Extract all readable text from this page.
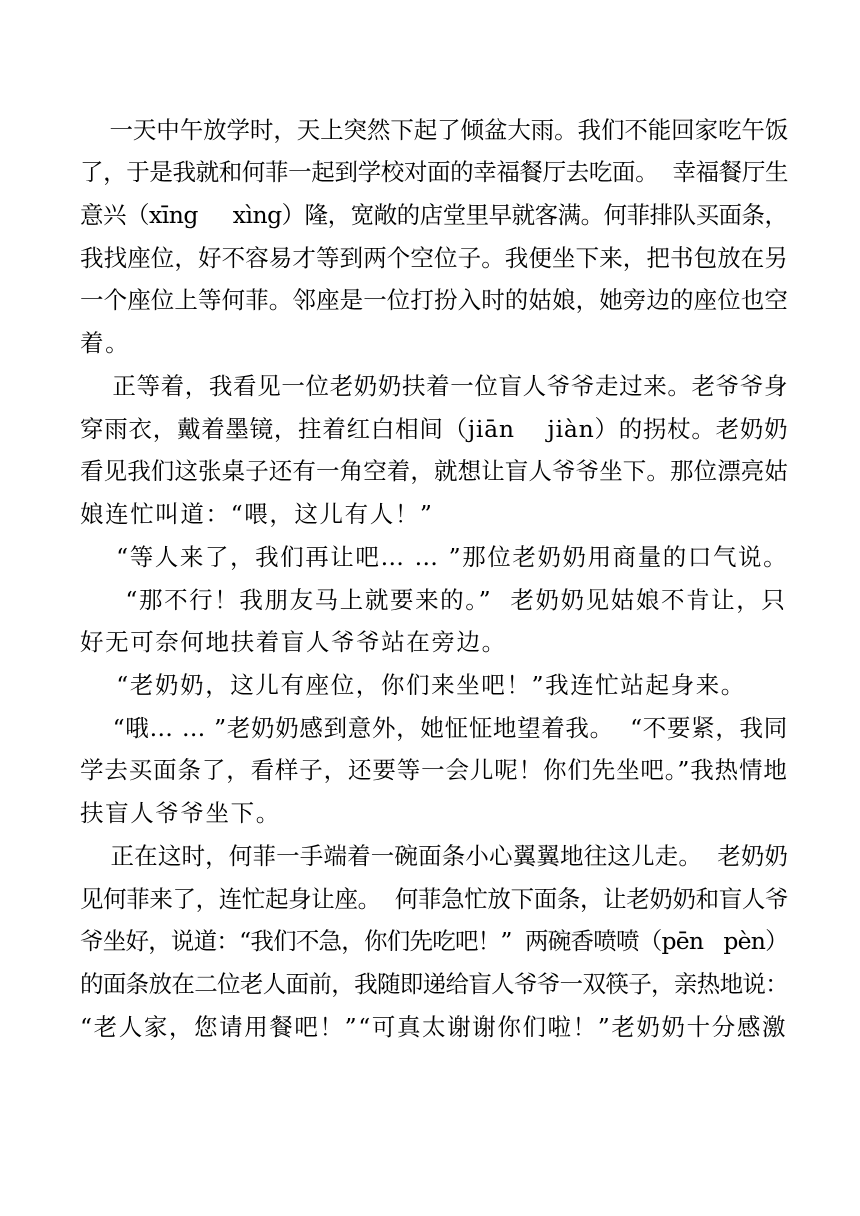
一天中午放学时，天上突然下起了倾盆大雨。我们不能回家吃午饭
了，于是我就和何菲一起到学校对面的幸福餐厅去吃面。  幸福餐厅生
意兴（xīng     xìng）隆，宽敞的店堂里早就客满。何菲排队买面条，
我找座位，好不容易才等到两个空位子。我便坐下来，把书包放在另
一个座位上等何菲。邻座是一位打扮入时的姑娘，她旁边的座位也空
着。
正等着，我看见一位老奶奶扶着一位盲人爷爷走过来。老爷爷身
穿雨衣，戴着墨镜，拄着红白相间（jiān    jiàn）的拐杖。老奶奶
看见我们这张桌子还有一角空着，就想让盲人爷爷坐下。那位漂亮姑
娘连忙叫道：“喂，这儿有人！”
“等人来了，我们再让吧… … ”那位老奶奶用商量的口气说。
“那不行！我朋友马上就要来的。”  老奶奶见姑娘不肯让，只
好无可奈何地扶着盲人爷爷站在旁边。
“老奶奶，这儿有座位，你们来坐吧！”我连忙站起身来。
“哦… … ”老奶奶感到意外，她怔怔地望着我。  “不要紧，我同
学去买面条了，看样子，还要等一会儿呢！你们先坐吧。”我热情地
扶盲人爷爷坐下。
正在这时，何菲一手端着一碗面条小心翼翼地往这儿走。  老奶奶
见何菲来了，连忙起身让座。  何菲急忙放下面条，让老奶奶和盲人爷
爷坐好，说道：“我们不急，你们先吃吧！”  两碗香喷喷（pēn   pèn）
的面条放在二位老人面前，我随即递给盲人爷爷一双筷子，亲热地说：
“老人家，您请用餐吧！”“可真太谢谢你们啦！”老奶奶十分感激
